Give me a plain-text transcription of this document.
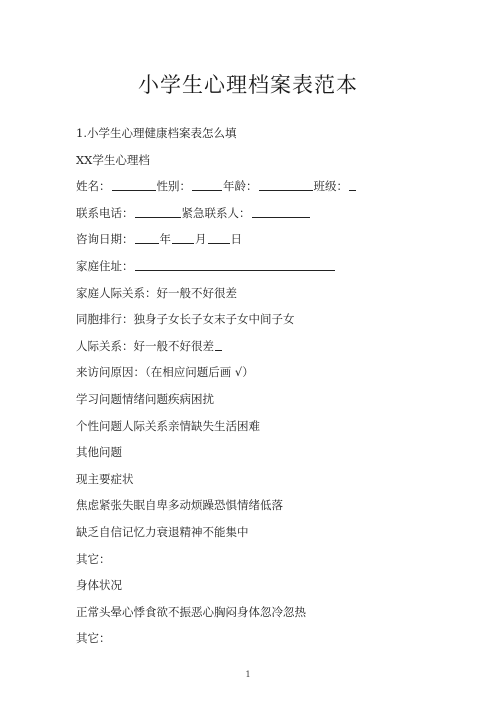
小学生心理档案表范本
1.小学生心理健康档案表怎么填
XX学生心理档
姓名：	性别：	年龄：	班级：
联系电话：	紧急联系人：
咨询日期： 年 月 日
家庭住址：
家庭人际关系：好一般不好很差
同胞排行：独身子女长子女末子女中间子女
人际关系：好一般不好很差
来访问原因：（在相应问题后画 √）
学习问题情绪问题疾病困扰
个性问题人际关系亲情缺失生活困难
其他问题
现主要症状
焦虑紧张失眠自卑多动烦躁恐惧情绪低落
缺乏自信记忆力衰退精神不能集中
其它：
身体状况
正常头晕心悸食欲不振恶心胸闷身体忽冷忽热
其它：
1
